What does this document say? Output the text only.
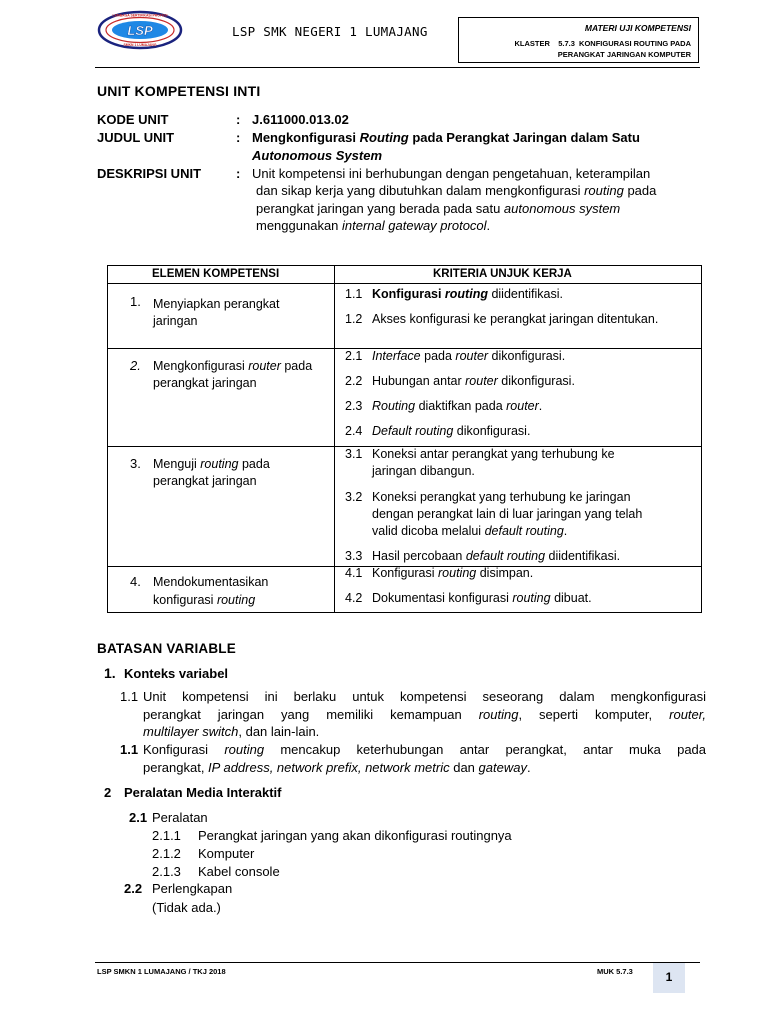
LSP
LEMBAGA SERTIFIKASI PROFESI
SMKN 1 LUMAJANG
LSP SMK NEGERI 1 LUMAJANG	MATERI UJI KOMPETENSI
KLASTER    5.7.3  KONFIGURASI ROUTING PADA
PERANGKAT JARINGAN KOMPUTER
UNIT KOMPETENSI INTI
KODE UNIT	: J.611000.013.02
JUDUL UNIT	: Mengkonfigurasi Routing pada Perangkat Jaringan dalam Satu
Autonomous System
DESKRIPSI UNIT	: Unit kompetensi ini berhubungan dengan pengetahuan, keterampilan
dan sikap kerja yang dibutuhkan dalam mengkonfigurasi routing pada
perangkat jaringan yang berada pada satu autonomous system
menggunakan internal gateway protocol.
ELEMEN KOMPETENSI	KRITERIA UNJUK KERJA
1. Menyiapkan perangkat
jaringan
1.1 Konfigurasi routing diidentifikasi.
1.2 Akses konfigurasi ke perangkat jaringan ditentukan.
2. Mengkonfigurasi router pada
perangkat jaringan
2.1 Interface pada router dikonfigurasi.
2.2 Hubungan antar router dikonfigurasi.
2.3 Routing diaktifkan pada router.
2.4 Default routing dikonfigurasi.
3. Menguji routing pada
perangkat jaringan
3.1 Koneksi antar perangkat yang terhubung ke
jaringan dibangun.
3.2 Koneksi perangkat yang terhubung ke jaringan
dengan perangkat lain di luar jaringan yang telah
valid dicoba melalui default routing.
3.3 Hasil percobaan default routing diidentifikasi.
4. Mendokumentasikan
konfigurasi routing
4.1 Konfigurasi routing disimpan.
4.2 Dokumentasi konfigurasi routing dibuat.
BATASAN VARIABLE
1. Konteks variabel
1.1 Unit kompetensi ini berlaku untuk kompetensi seseorang dalam mengkonfigurasi
perangkat jaringan yang memiliki kemampuan routing, seperti komputer, router,
multilayer switch, dan lain-lain.
1.1 Konfigurasi routing mencakup keterhubungan antar perangkat, antar muka pada
perangkat, IP address, network prefix, network metric dan gateway.
2 Peralatan Media Interaktif
2.1 Peralatan
2.1.1 Perangkat jaringan yang akan dikonfigurasi routingnya
2.1.2 Komputer
2.1.3 Kabel console
2.2 Perlengkapan
(Tidak ada.)
LSP SMKN 1 LUMAJANG / TKJ 2018	MUK 5.7.3	1
